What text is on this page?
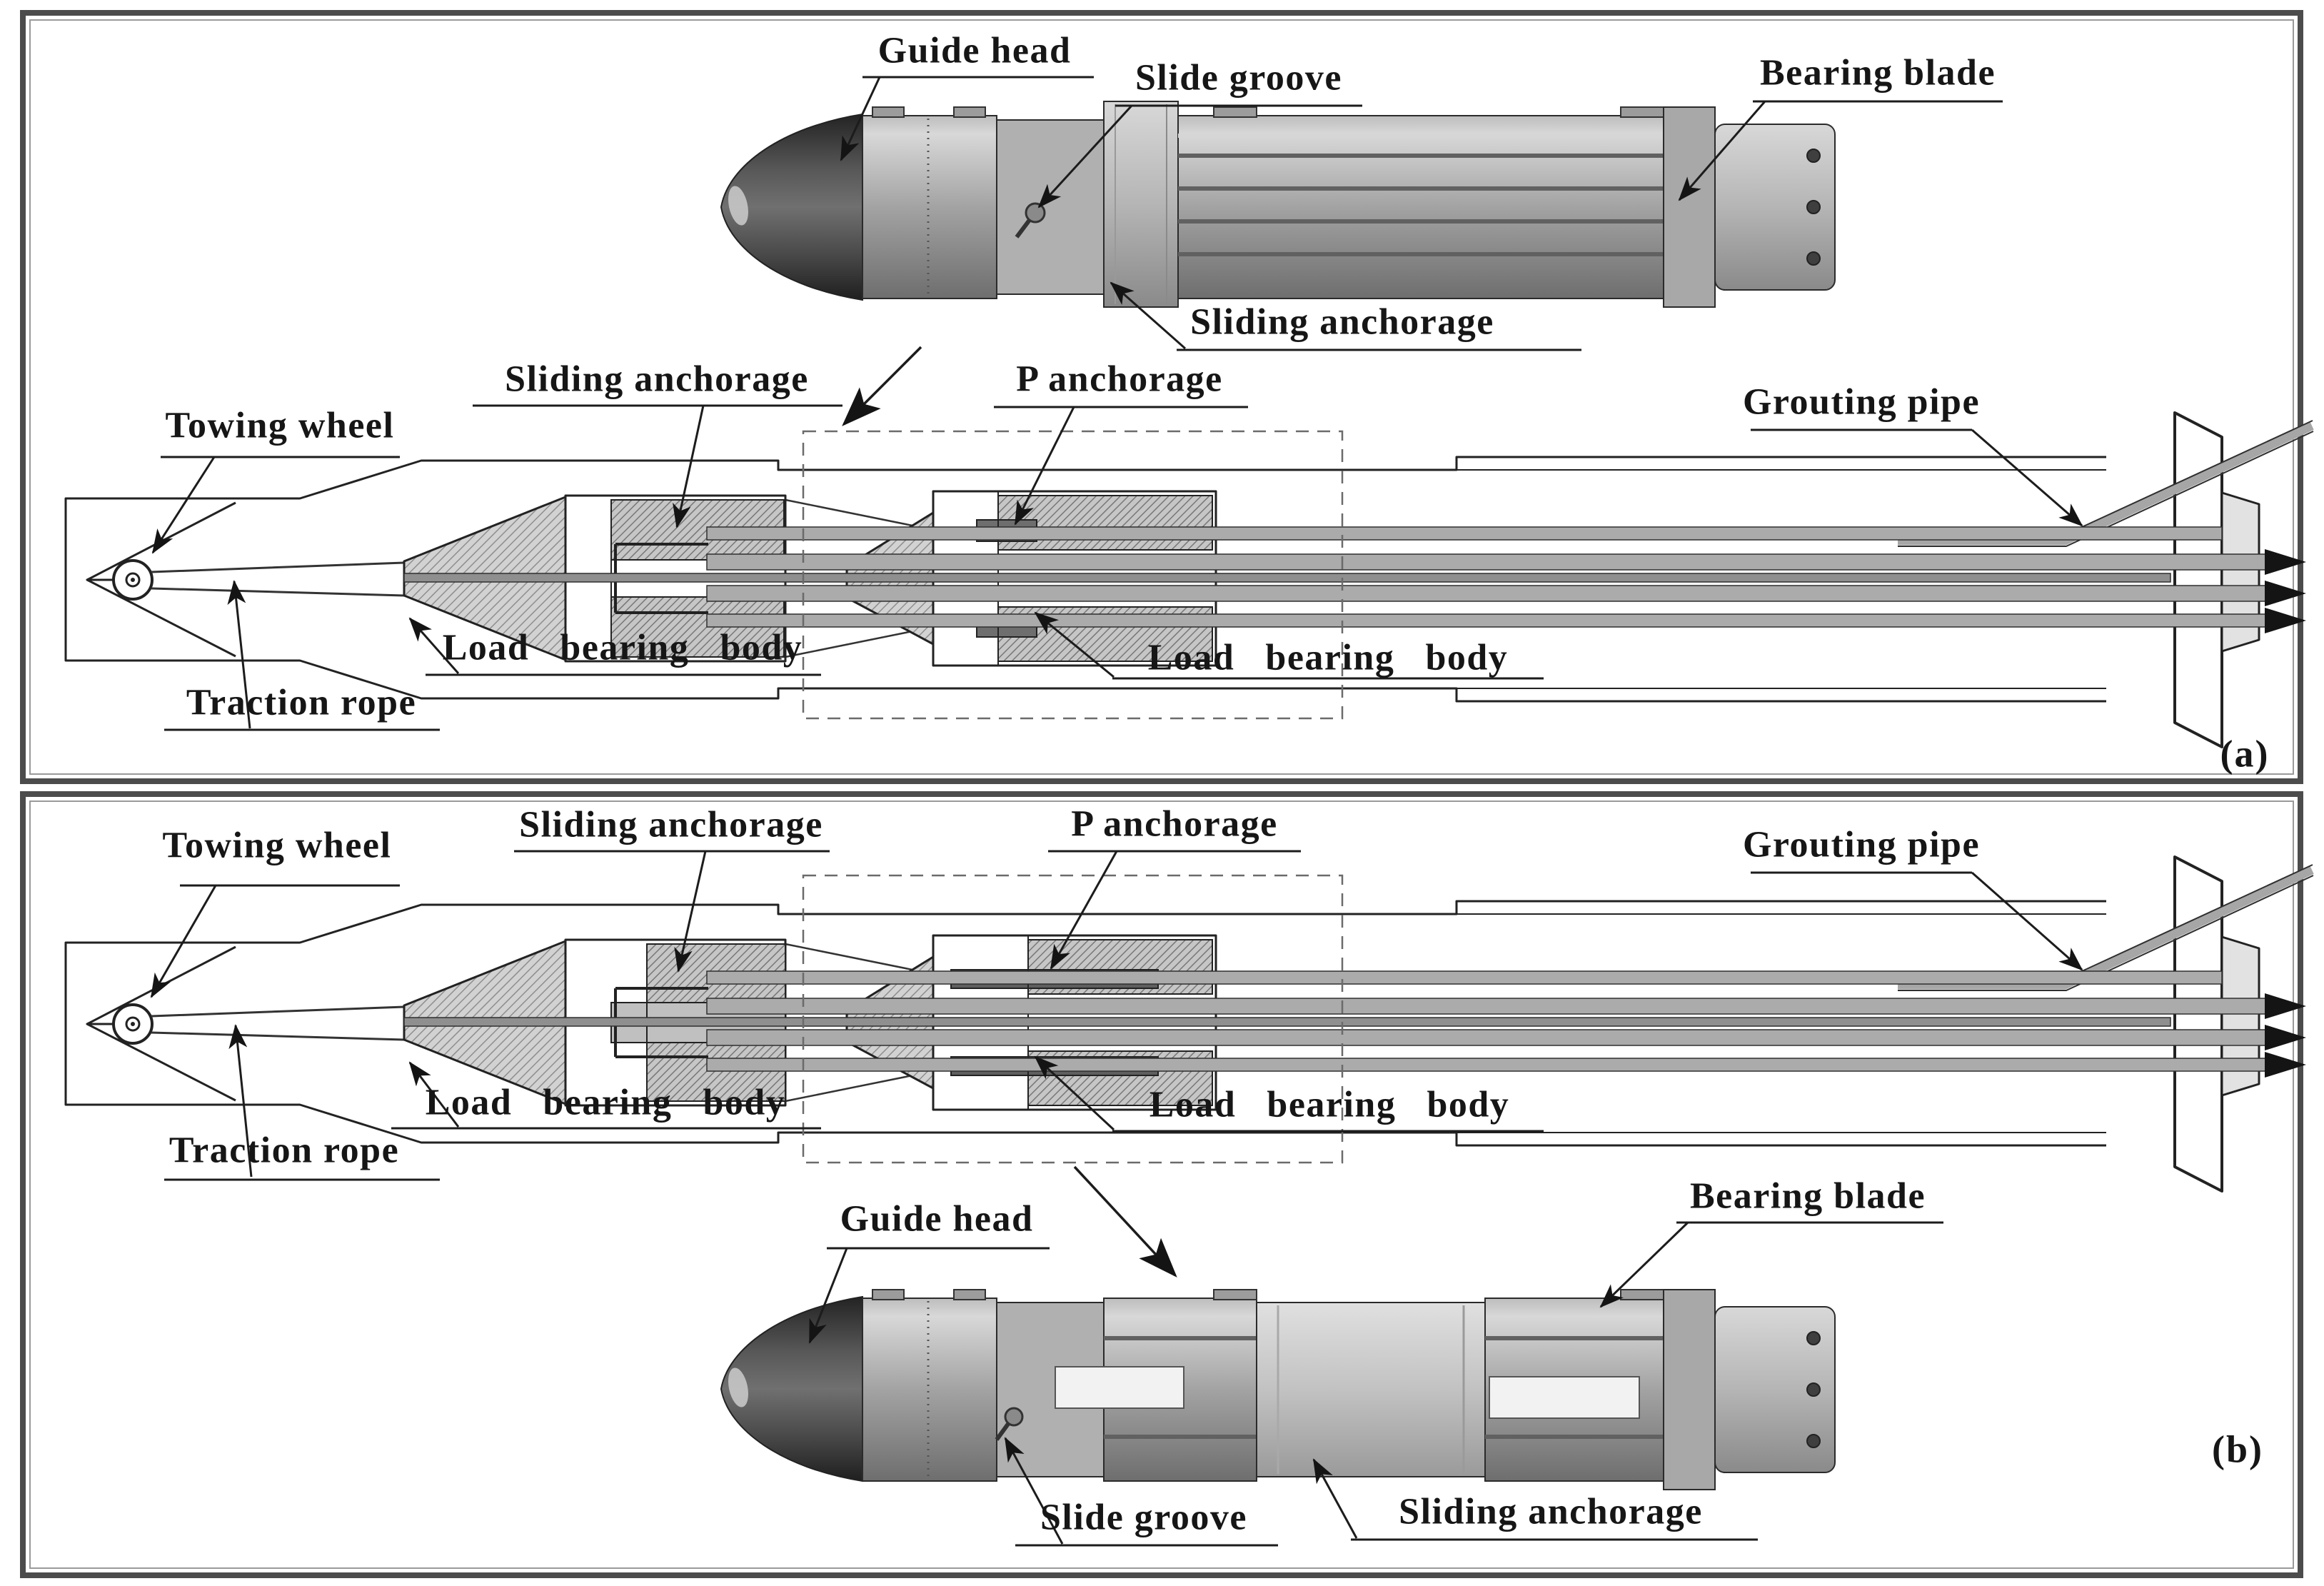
Guide head
Slide groove	Bearing blade
Sliding anchorage
Towing wheel
Sliding anchorage	P anchorage
Grouting pipe
Load bearing body	Load bearing body
Traction rope
(a)
Towing wheel
Sliding anchorage	P anchorage
Grouting pipe
Load bearing body	Load bearing body
Traction rope
Guide head
Bearing blade
Slide groove	Sliding anchorage
(b)
